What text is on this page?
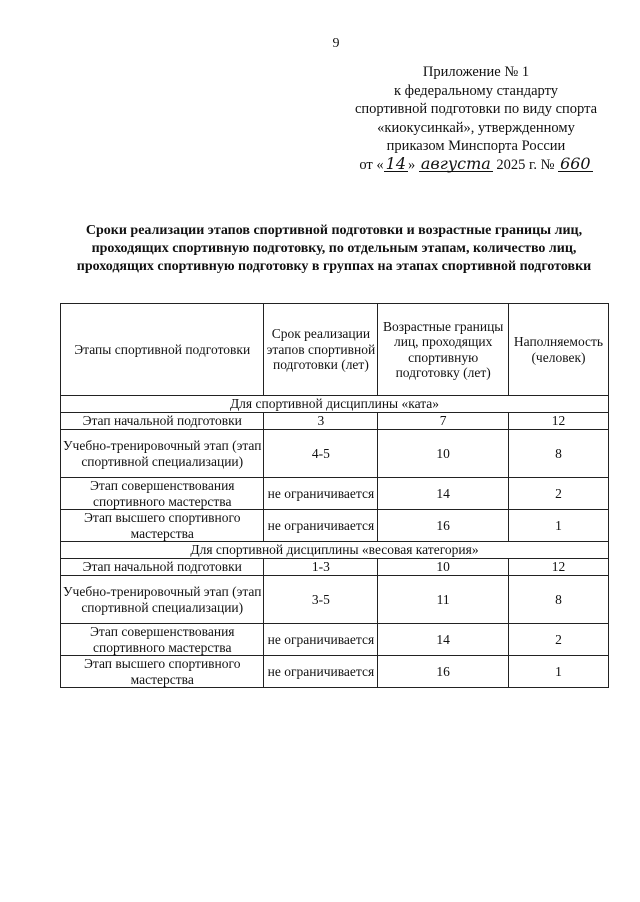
9
Приложение № 1
к федеральному стандарту
спортивной подготовки по виду спорта
«киокусинкай», утвержденному
приказом Минспорта России
от « 14 » августа 2025 г. № 660
Сроки реализации этапов спортивной подготовки и возрастные границы лиц, проходящих спортивную подготовку, по отдельным этапам, количество лиц, проходящих спортивную подготовку в группах на этапах спортивной подготовки
Этапы спортивной подготовки	Срок реализации этапов спортивной подготовки (лет)	Возрастные границы лиц, проходящих спортивную подготовку (лет)	Наполняемость (человек)
Для спортивной дисциплины «ката»			
Этап начальной подготовки	3	7	12
Учебно-тренировочный этап (этап спортивной специализации)	4-5	10	8
Этап совершенствования спортивного мастерства	не ограничивается	14	2
Этап высшего спортивного мастерства	не ограничивается	16	1
Для спортивной дисциплины «весовая категория»			
Этап начальной подготовки	1-3	10	12
Учебно-тренировочный этап (этап спортивной специализации)	3-5	11	8
Этап совершенствования спортивного мастерства	не ограничивается	14	2
Этап высшего спортивного мастерства	не ограничивается	16	1
